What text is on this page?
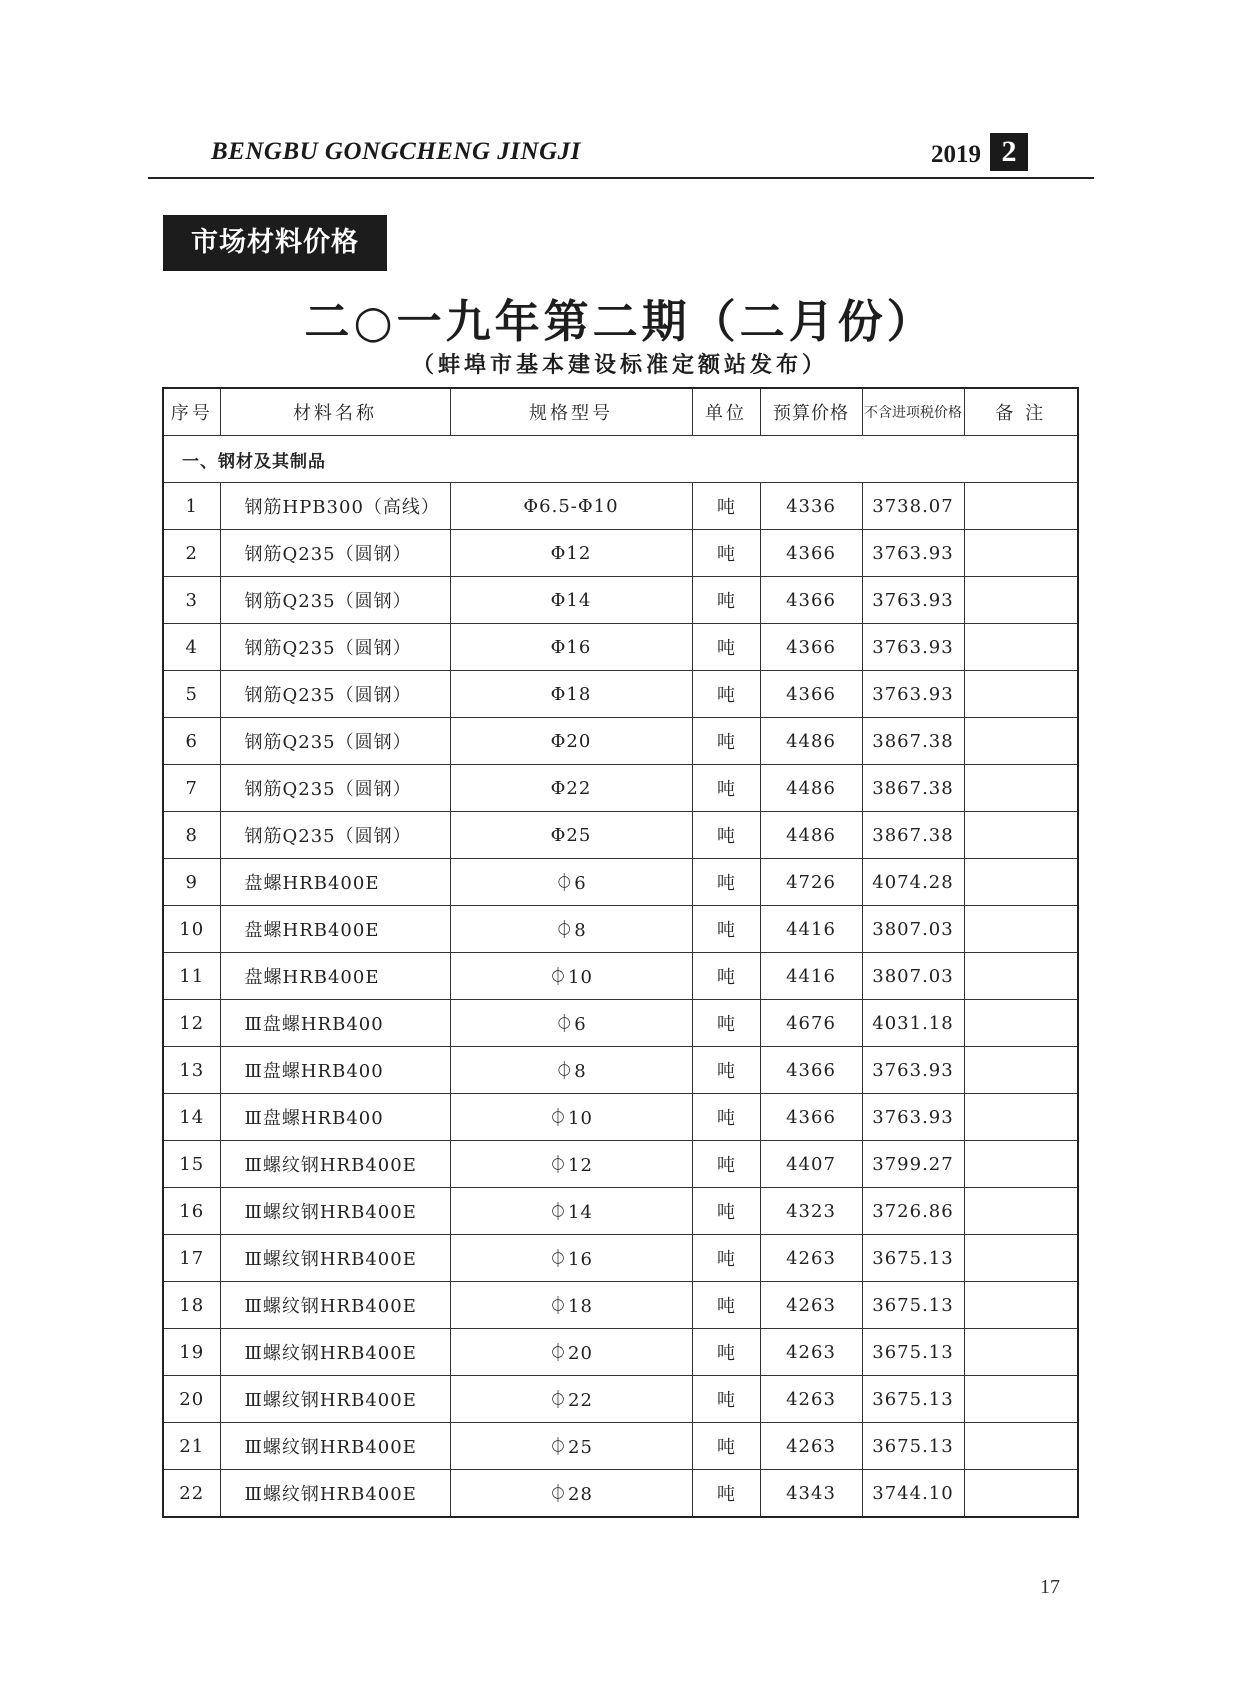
BENGBU GONGCHENG JINGJI	2019 2
市场材料价格
二○一九年第二期（二月份）
（蚌埠市基本建设标准定额站发布）
序号	材料名称	规格型号	单位	预算价格	不含进项税价格	备 注
一、钢材及其制品						
1	钢筋HPB300（高线）	Φ6.5-Φ10	吨	4336	3738.07	
2	钢筋Q235（圆钢）	Φ12	吨	4366	3763.93	
3	钢筋Q235（圆钢）	Φ14	吨	4366	3763.93	
4	钢筋Q235（圆钢）	Φ16	吨	4366	3763.93	
5	钢筋Q235（圆钢）	Φ18	吨	4366	3763.93	
6	钢筋Q235（圆钢）	Φ20	吨	4486	3867.38	
7	钢筋Q235（圆钢）	Φ22	吨	4486	3867.38	
8	钢筋Q235（圆钢）	Φ25	吨	4486	3867.38	
9	盘螺HRB400E	⏀6	吨	4726	4074.28	
10	盘螺HRB400E	⏀8	吨	4416	3807.03	
11	盘螺HRB400E	⏀10	吨	4416	3807.03	
12	Ⅲ盘螺HRB400	⏀6	吨	4676	4031.18	
13	Ⅲ盘螺HRB400	⏀8	吨	4366	3763.93	
14	Ⅲ盘螺HRB400	⏀10	吨	4366	3763.93	
15	Ⅲ螺纹钢HRB400E	⏀12	吨	4407	3799.27	
16	Ⅲ螺纹钢HRB400E	⏀14	吨	4323	3726.86	
17	Ⅲ螺纹钢HRB400E	⏀16	吨	4263	3675.13	
18	Ⅲ螺纹钢HRB400E	⏀18	吨	4263	3675.13	
19	Ⅲ螺纹钢HRB400E	⏀20	吨	4263	3675.13	
20	Ⅲ螺纹钢HRB400E	⏀22	吨	4263	3675.13	
21	Ⅲ螺纹钢HRB400E	⏀25	吨	4263	3675.13	
22	Ⅲ螺纹钢HRB400E	⏀28	吨	4343	3744.10	
17
